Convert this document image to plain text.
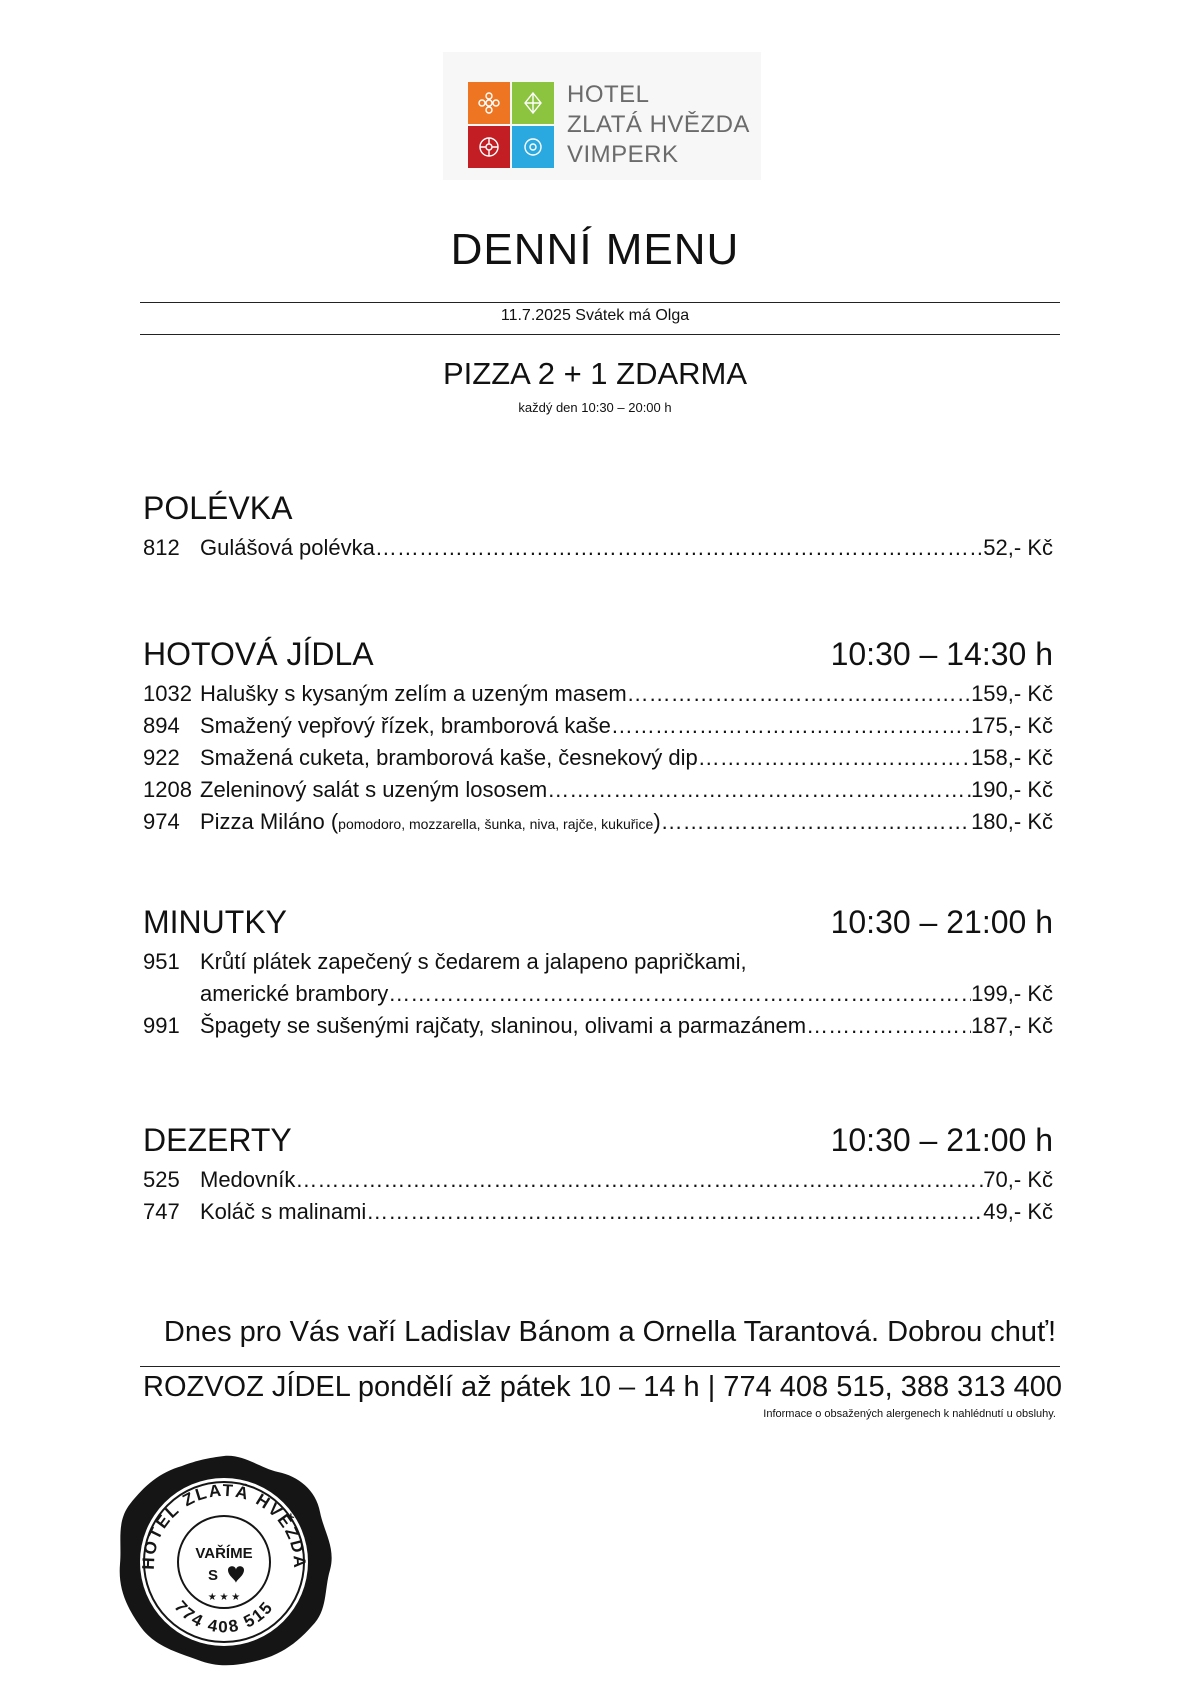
HOTEL
ZLATÁ HVĚZDA
VIMPERK
DENNÍ MENU
11.7.2025 Svátek má Olga
PIZZA 2 + 1 ZDARMA
každý den 10:30 – 20:00 h
POLÉVKA
812 Gulášová polévka ………………………………………………………………………………………………………………………………………………………………………………………	52,- Kč
HOTOVÁ JÍDLA	10:30 – 14:30 h
1032 Halušky s kysaným zelím a uzeným masem ………………………………………………………………………………………………………………………………………………………………………………………	159,- Kč
894 Smažený vepřový řízek, bramborová kaše ………………………………………………………………………………………………………………………………………………………………………………………	175,- Kč
922 Smažená cuketa, bramborová kaše, česnekový dip ………………………………………………………………………………………………………………………………………………………………………………………	158,- Kč
1208 Zeleninový salát s uzeným lososem ………………………………………………………………………………………………………………………………………………………………………………………	190,- Kč
974 Pizza Miláno (pomodoro, mozzarella, šunka, niva, rajče, kukuřice) ………………………………………………………………………………………………………………………………………………………………………………………	180,- Kč
MINUTKY	10:30 – 21:00 h
951 Krůtí plátek zapečený s čedarem a jalapeno papričkami,
americké brambory ………………………………………………………………………………………………………………………………………………………………………………………	199,- Kč
991 Špagety se sušenými rajčaty, slaninou, olivami a parmazánem ………………………………………………………………………………………………………………………………………………………………………………………	187,- Kč
DEZERTY	10:30 – 21:00 h
525 Medovník ………………………………………………………………………………………………………………………………………………………………………………………	70,- Kč
747 Koláč s malinami ………………………………………………………………………………………………………………………………………………………………………………………	49,- Kč
Dnes pro Vás vaří Ladislav Bánom a Ornella Tarantová. Dobrou chuť!
ROZVOZ JÍDEL pondělí až pátek 10 – 14 h | 774 408 515, 388 313 400
Informace o obsažených alergenech k nahlédnutí u obsluhy.
HOTEL ZLATÁ HVĚZDA
774 408 515
VAŘÍME
S
★ ★ ★
